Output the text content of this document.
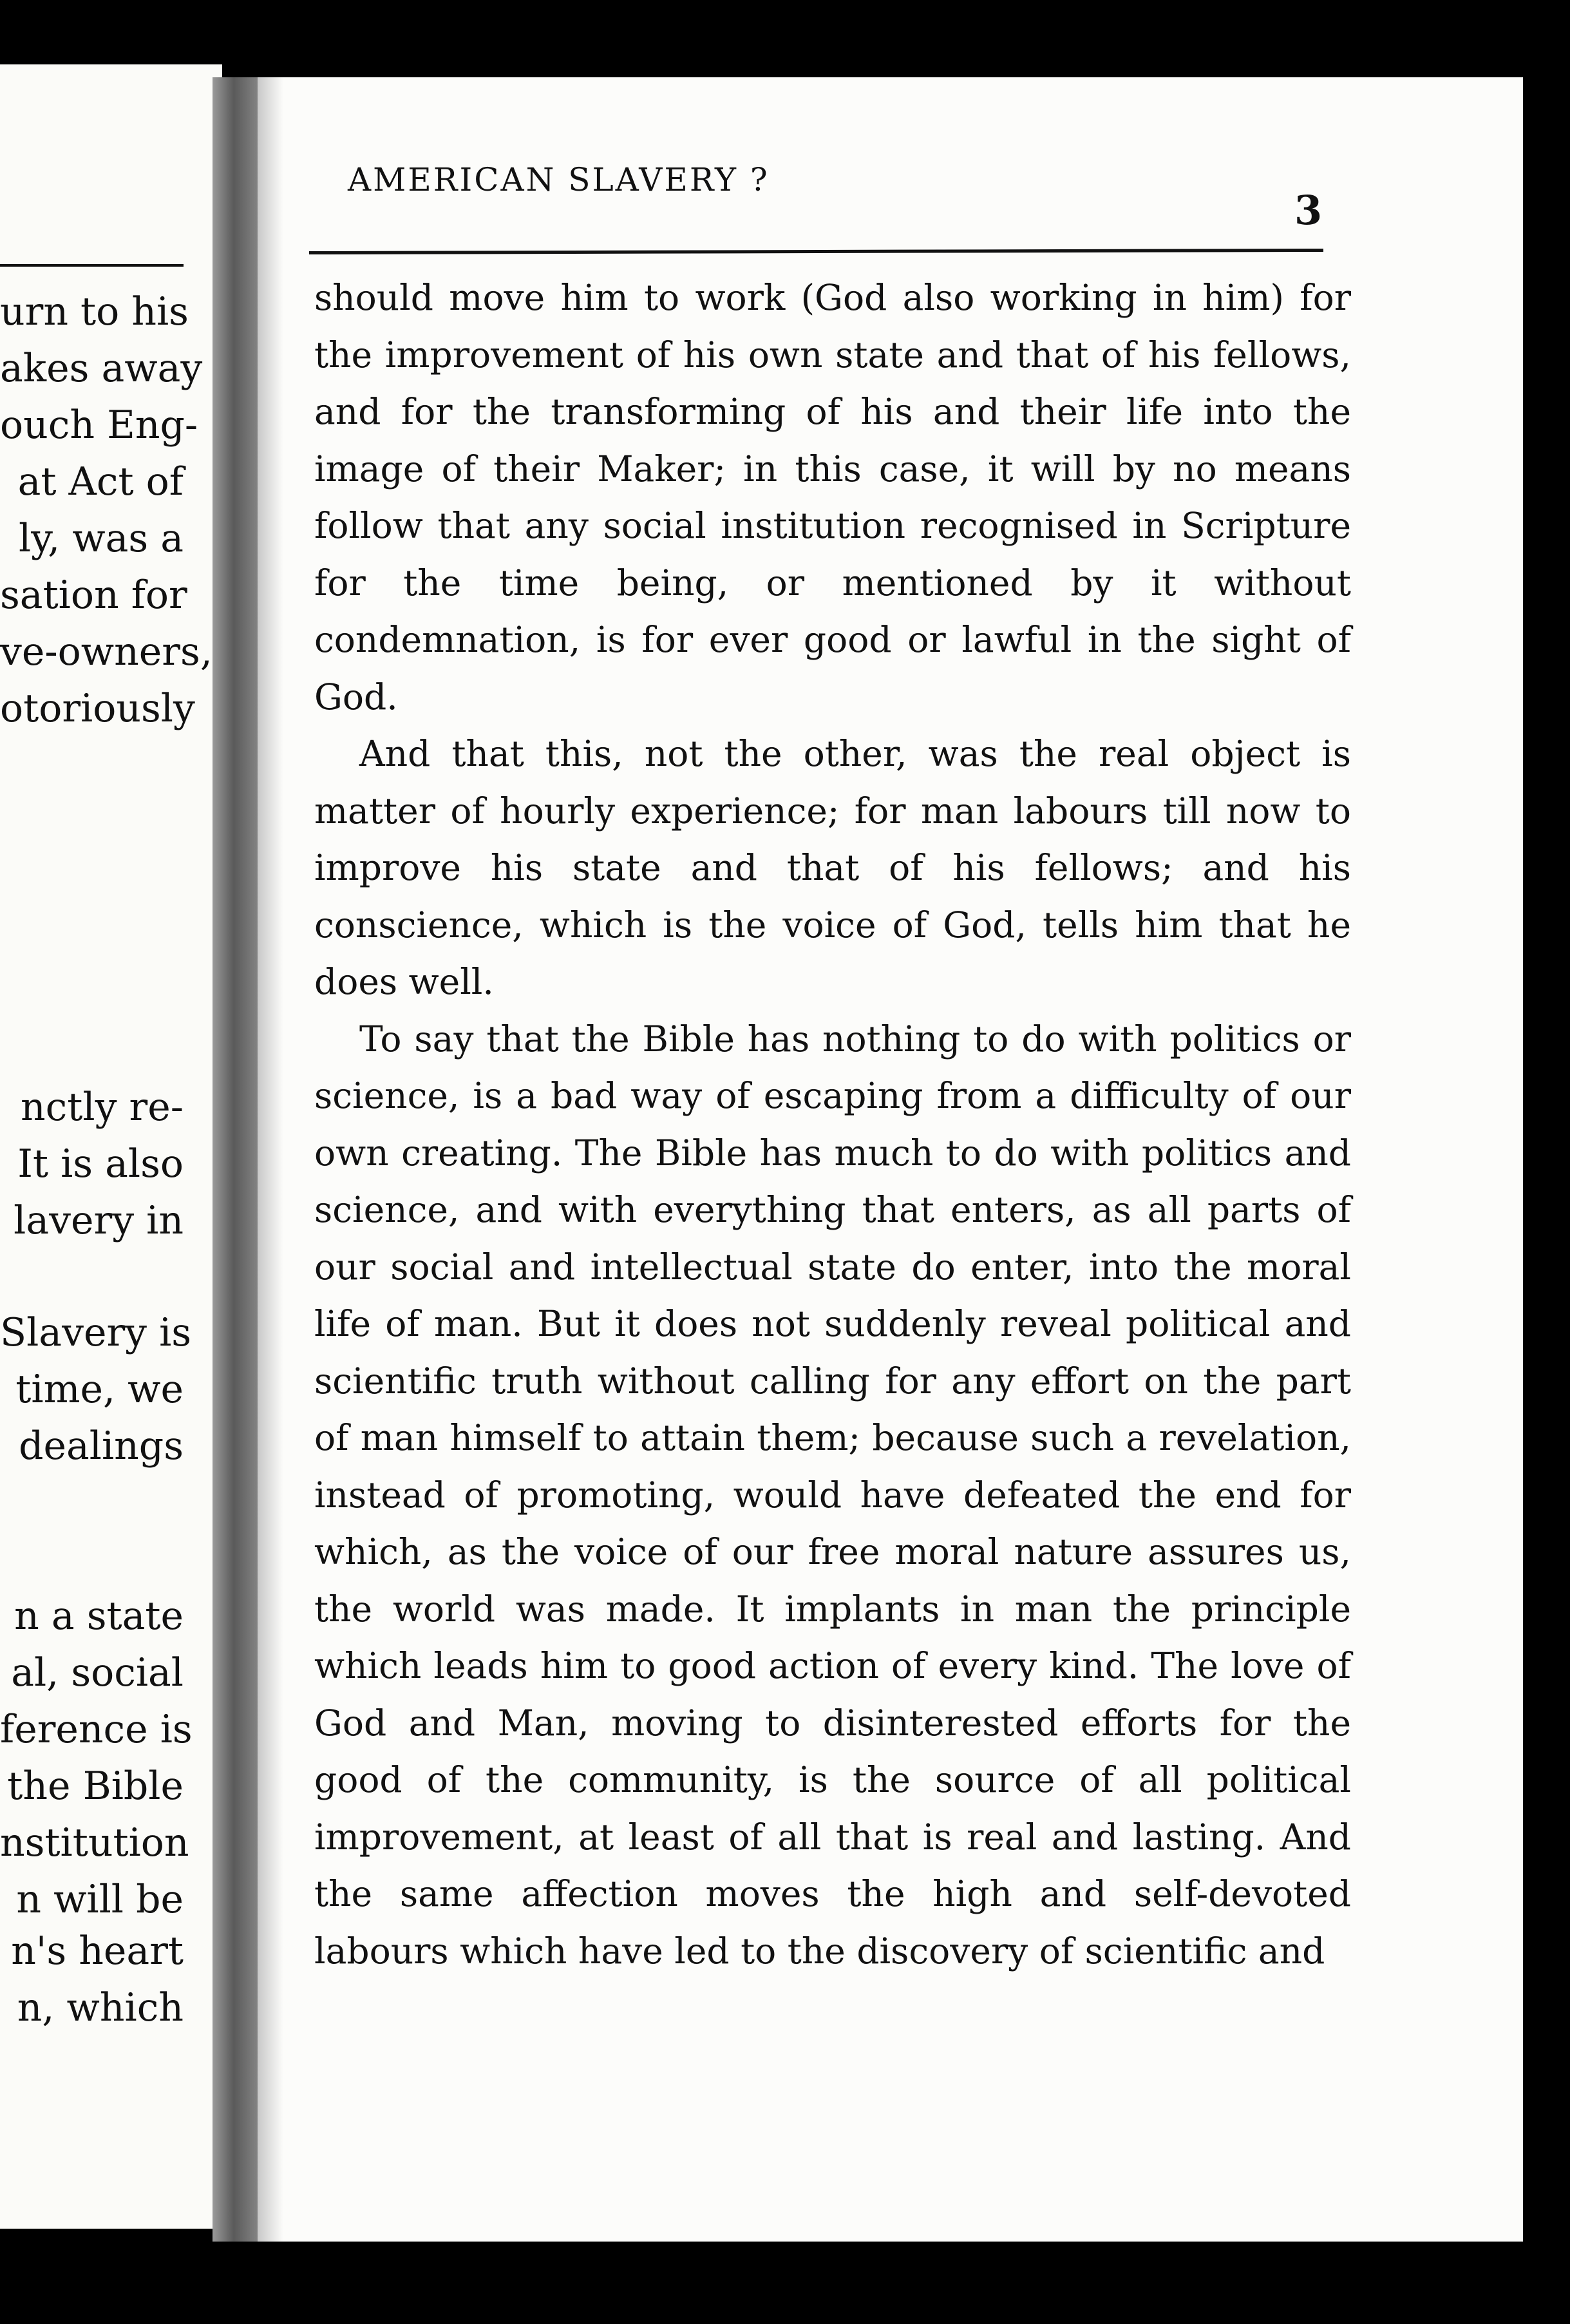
urn to his
akes away
ouch Eng-
at Act of
ly, was a
sation for
ve-owners,
otoriously
nctly re-
It is also
lavery in
Slavery is
time, we
dealings
n a state
al, social
ference is
the Bible
nstitution
n will be
n's heart
n, which
AMERICAN SLAVERY ?
3

should move him to work (God also working in him) for the improvement of his own state and that of his fellows, and for the transforming of his and their life into the image of their Maker; in this case, it will by no means follow that any social institution recognised in Scripture for the time being, or mentioned by it without condemnation, is for ever good or lawful in the sight of God.

And that this, not the other, was the real object is matter of hourly experience; for man labours till now to improve his state and that of his fellows; and his conscience, which is the voice of God, tells him that he does well.

To say that the Bible has nothing to do with politics or science, is a bad way of escaping from a difficulty of our own creating. The Bible has much to do with politics and science, and with everything that enters, as all parts of our social and intellectual state do enter, into the moral life of man. But it does not suddenly reveal political and scientific truth without calling for any effort on the part of man himself to attain them; because such a revelation, instead of promoting, would have defeated the end for which, as the voice of our free moral nature assures us, the world was made. It implants in man the principle which leads him to good action of every kind. The love of God and Man, moving to disinterested efforts for the good of the community, is the source of all political improvement, at least of all that is real and lasting. And the same affection moves the high and self-devoted labours which have led to the discovery of scientific and
